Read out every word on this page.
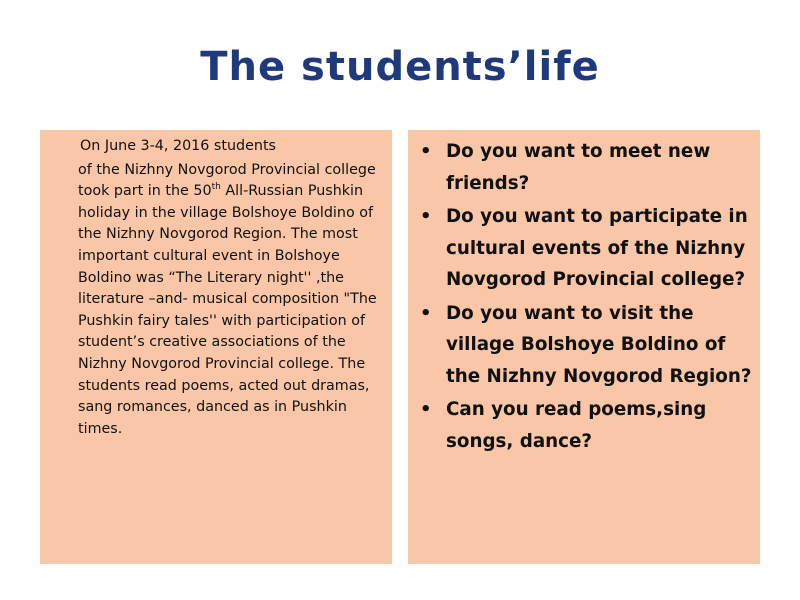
The students’life
On June 3-4, 2016 students
of the Nizhny Novgorod Provincial college took part in the 50th All-Russian Pushkin holiday in the village Bolshoye Boldino of the Nizhny Novgorod Region. The most important cultural event in Bolshoye Boldino was “The Literary night'' ,the literature –and- musical composition "The Pushkin fairy tales'' with participation of student’s creative associations of the Nizhny Novgorod Provincial college. The students read poems, acted out dramas, sang romances, danced as in Pushkin times.
• Do you want to meet new friends?
• Do you want to participate in cultural events of the Nizhny Novgorod Provincial college?
• Do you want to visit the village Bolshoye Boldino of the Nizhny Novgorod Region?
• Can you read poems,sing songs, dance?
